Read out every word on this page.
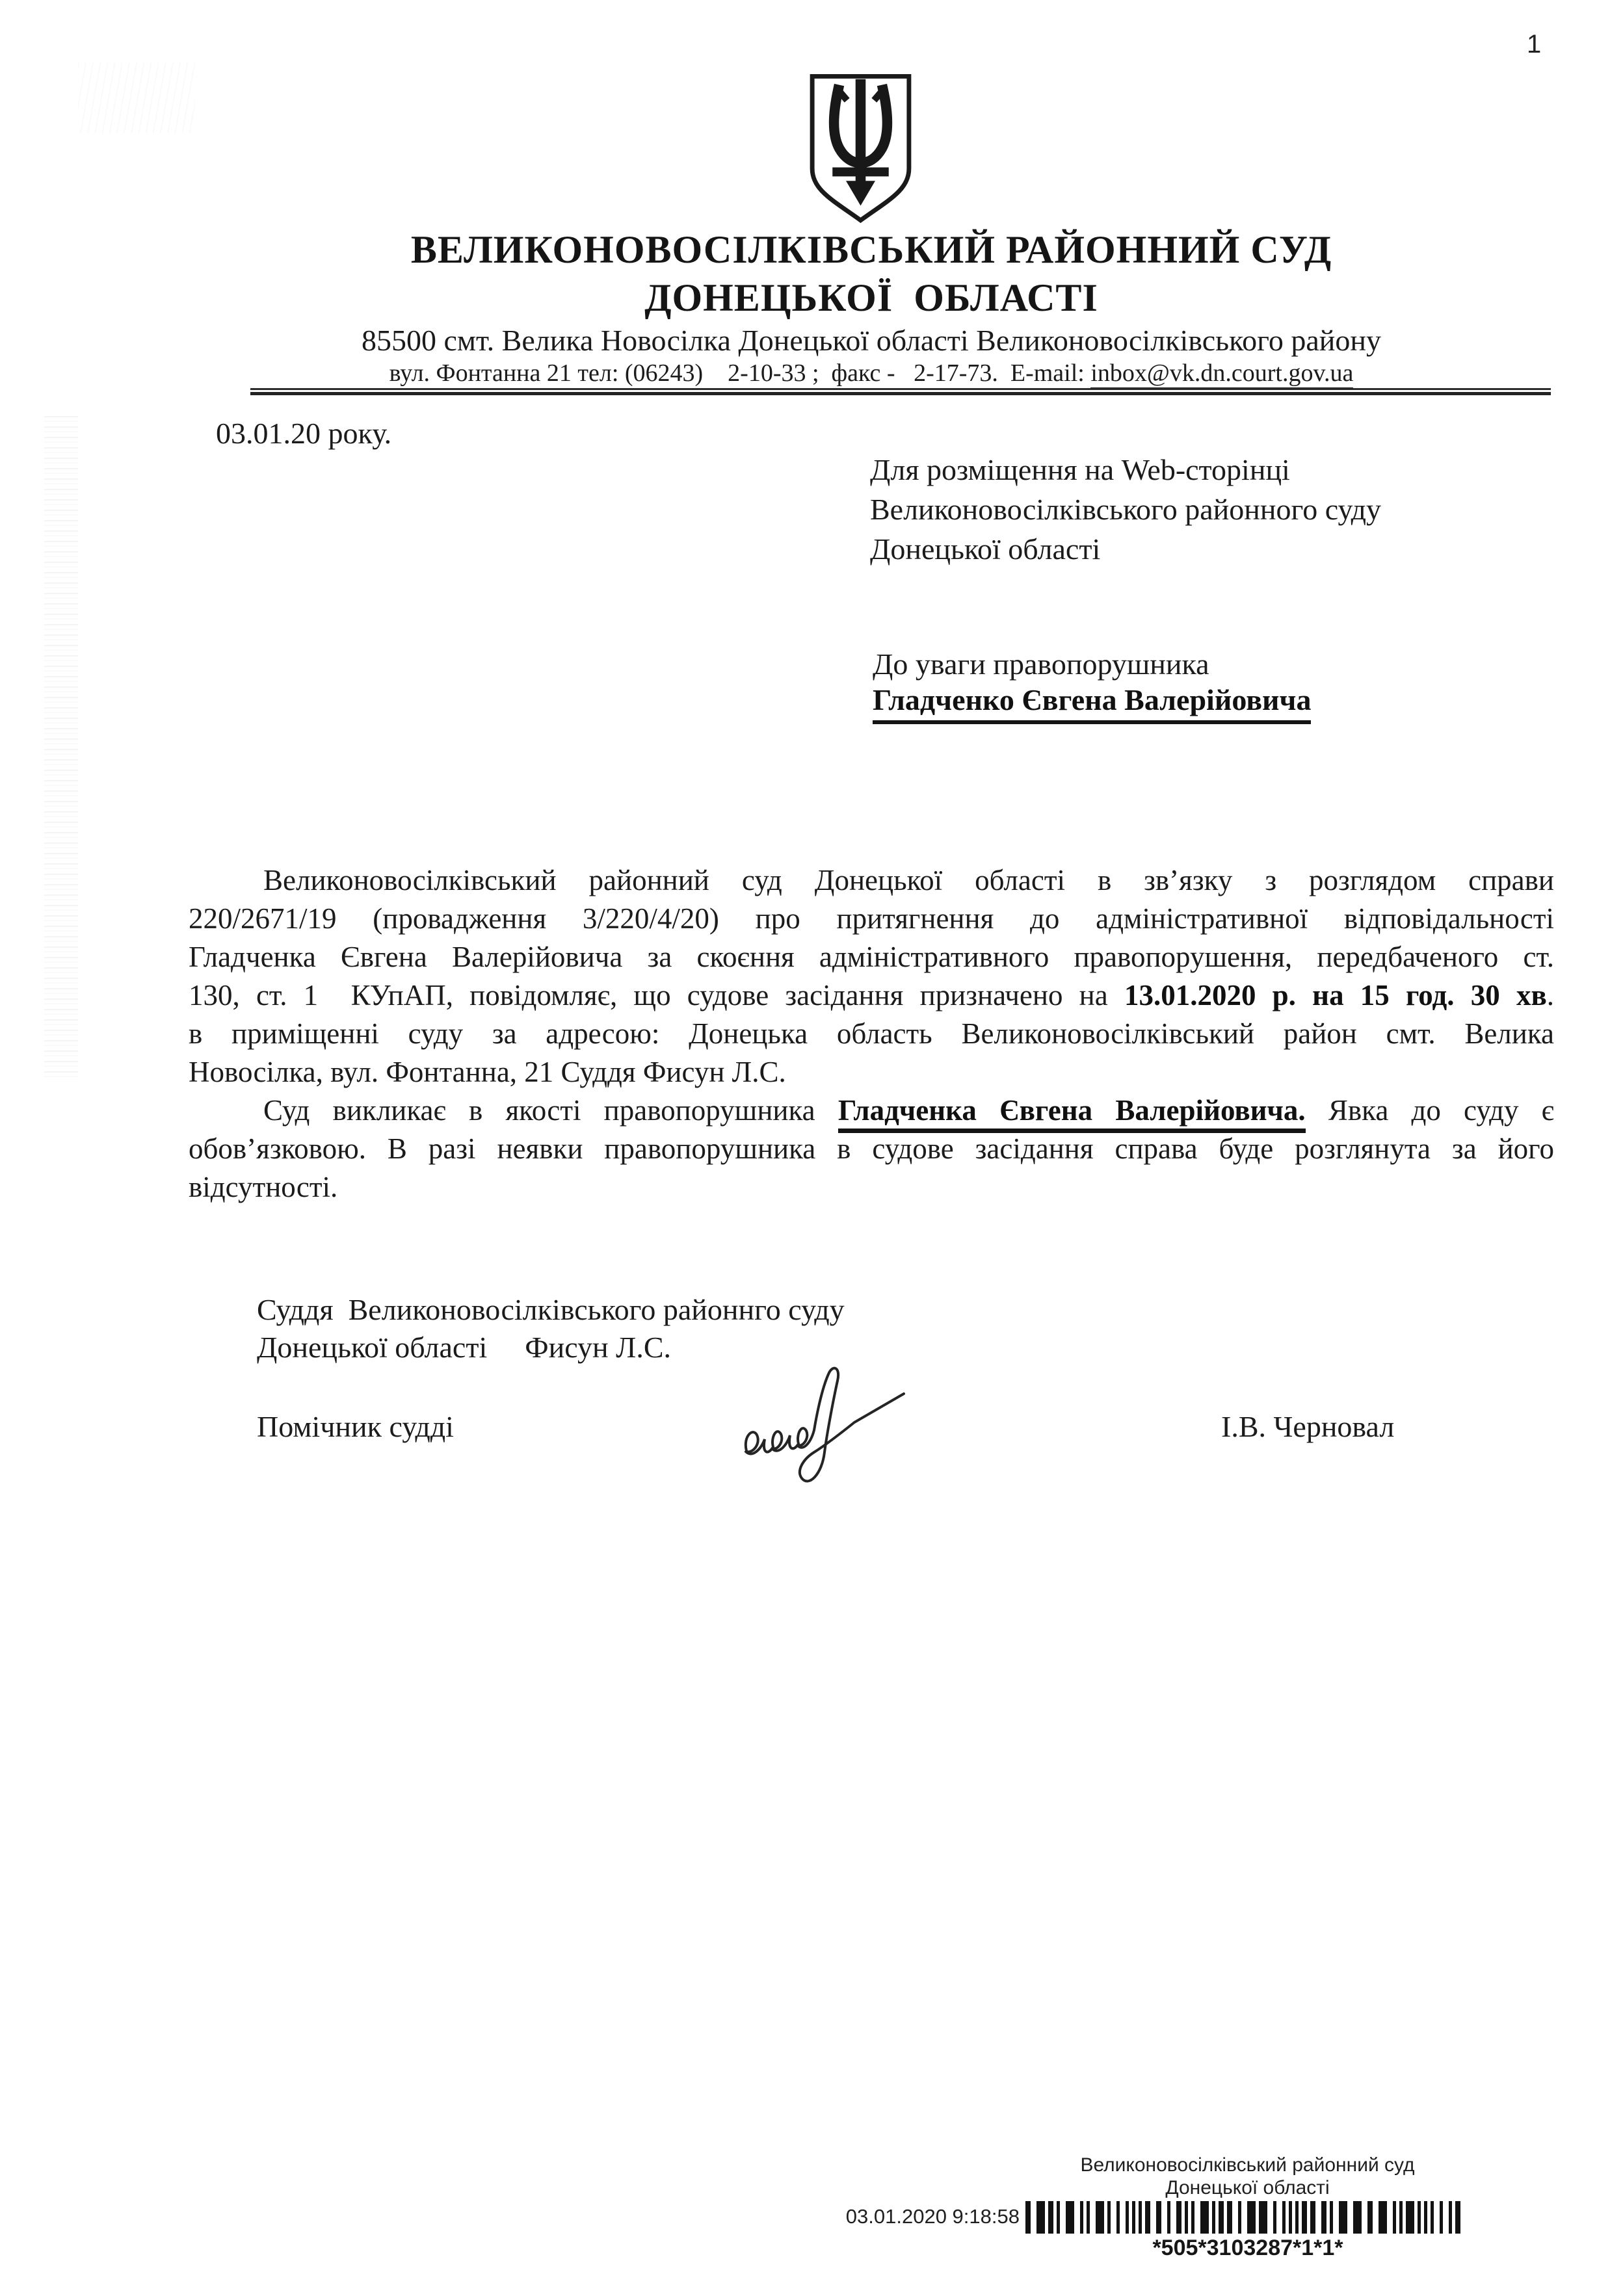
1
ВЕЛИКОНОВОСІЛКІВСЬКИЙ РАЙОННИЙ СУД
ДОНЕЦЬКОЇ  ОБЛАСТІ
85500 смт. Велика Новосілка Донецької області Великоновосілківського району
вул. Фонтанна 21 тел: (06243)    2-10-33 ;  факс -   2-17-73.  E-mail: inbox@vk.dn.court.gov.ua
03.01.20 року.
Для розміщення на Web-сторінці
Великоновосілківського районного суду
Донецької області
До уваги правопорушника
Гладченко Євгена Валерійовича
Великоновосілківський районний суд Донецької області в зв’язку з розглядом справи
220/2671/19 (провадження 3/220/4/20) про притягнення до адміністративної відповідальності
Гладченка Євгена Валерійовича за скоєння адміністративного правопорушення, передбаченого ст.
130, ст. 1  КУпАП, повідомляє, що судове засідання призначено на 13.01.2020 р. на 15 год. 30 хв.
в приміщенні суду за адресою: Донецька область Великоновосілківський район смт. Велика
Новосілка, вул. Фонтанна, 21 Суддя Фисун Л.С.
Суд викликає в якості правопорушника Гладченка Євгена Валерійовича. Явка до суду є
обов’язковою. В разі неявки правопорушника в судове засідання справа буде розглянута за його
відсутності.
Суддя  Великоновосілківського районнго суду
Донецької області Фисун Л.С.
Помічник судді	І.В. Черновал
Великоновосілківський районний суд
Донецької області
03.01.2020 9:18:58
*505*3103287*1*1*
